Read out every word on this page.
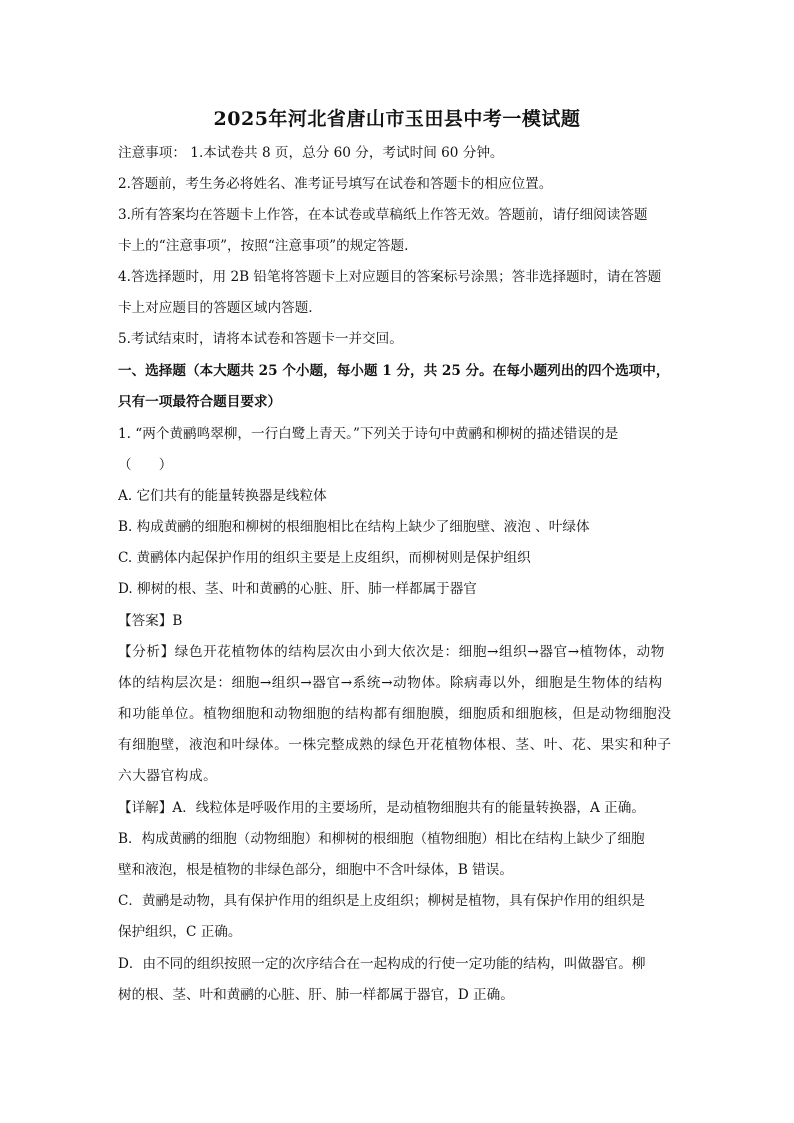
2025年河北省唐山市玉田县中考一模试题
注意事项： 1.本试卷共 8 页，总分 60 分，考试时间 60 分钟。
2.答题前，考生务必将姓名、准考证号填写在试卷和答题卡的相应位置。
3.所有答案均在答题卡上作答，在本试卷或草稿纸上作答无效。答题前，请仔细阅读答题
卡上的“注意事项”，按照“注意事项”的规定答题.
4.答选择题时，用 2B 铅笔将答题卡上对应题目的答案标号涂黑；答非选择题时，请在答题
卡上对应题目的答题区域内答题.
5.考试结束时，请将本试卷和答题卡一并交回。
一、选择题（本大题共 25 个小题，每小题 1 分，共 25 分。在每小题列出的四个选项中，
只有一项最符合题目要求）
1. “两个黄鹂鸣翠柳，一行白鹭上青天。”下列关于诗句中黄鹂和柳树的描述错误的是
（　　）
A. 它们共有的能量转换器是线粒体
B. 构成黄鹂的细胞和柳树的根细胞相比在结构上缺少了细胞壁、液泡 、叶绿体
C. 黄鹂体内起保护作用的组织主要是上皮组织，而柳树则是保护组织
D. 柳树的根、茎、叶和黄鹂的心脏、肝、肺一样都属于器官
【答案】B
【分析】绿色开花植物体的结构层次由小到大依次是：细胞→组织→器官→植物体，动物
体的结构层次是：细胞→组织→器官→系统→动物体。除病毒以外，细胞是生物体的结构
和功能单位。植物细胞和动物细胞的结构都有细胞膜，细胞质和细胞核，但是动物细胞没
有细胞壁，液泡和叶绿体。一株完整成熟的绿色开花植物体根、茎、叶、花、果实和种子
六大器官构成。
【详解】A．线粒体是呼吸作用的主要场所，是动植物细胞共有的能量转换器，A 正确。
B．构成黄鹂的细胞（动物细胞）和柳树的根细胞（植物细胞）相比在结构上缺少了细胞
壁和液泡，根是植物的非绿色部分，细胞中不含叶绿体，B 错误。
C．黄鹂是动物，具有保护作用的组织是上皮组织；柳树是植物，具有保护作用的组织是
保护组织，C 正确。
D．由不同的组织按照一定的次序结合在一起构成的行使一定功能的结构，叫做器官。柳
树的根、茎、叶和黄鹂的心脏、肝、肺一样都属于器官，D 正确。
